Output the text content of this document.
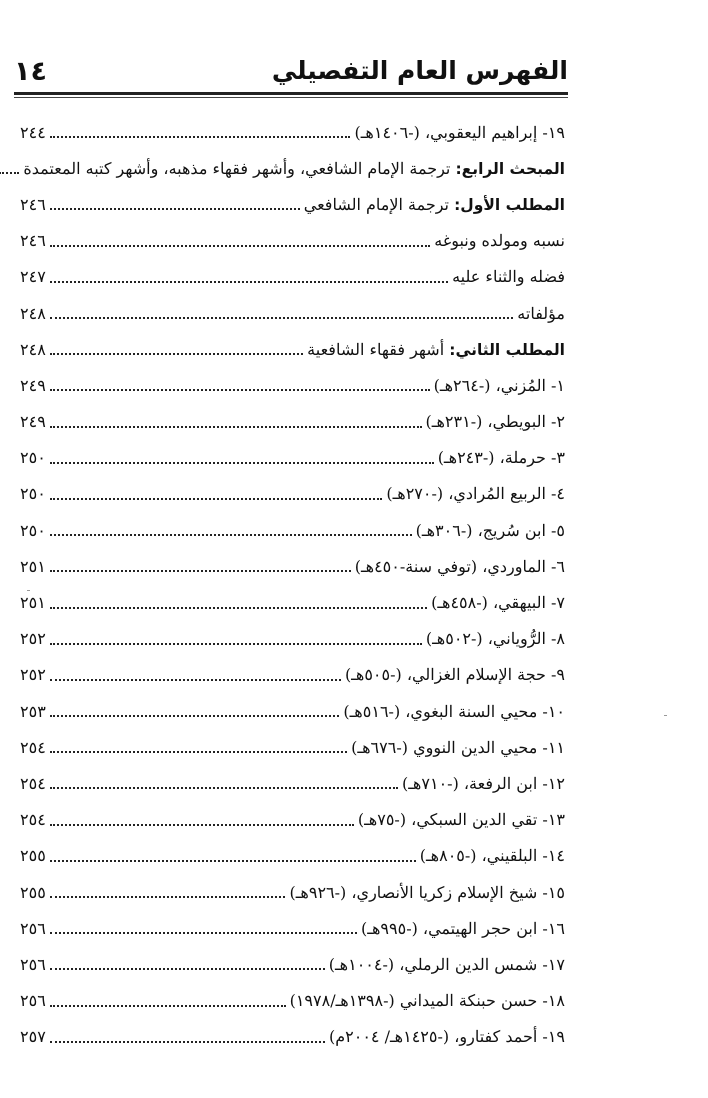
الفهرس العام التفصيلي
١٤
١٩- إبراهيم اليعقوبي، (-١٤٠٦هـ)
٢٤٤
المبحث الرابع: ترجمة الإمام الشافعي، وأشهر فقهاء مذهبه، وأشهر كتبه المعتمدة
المطلب الأول: ترجمة الإمام الشافعي
٢٤٦
نسبه ومولده ونبوغه
٢٤٦
فضله والثناء عليه
٢٤٧
مؤلفاته
٢٤٨
المطلب الثاني: أشهر فقهاء الشافعية
٢٤٨
١- المُزني، (-٢٦٤هـ)
٢٤٩
٢- البويطي، (-٢٣١هـ)
٢٤٩
٣- حرملة، (-٢٤٣هـ)
٢٥٠
٤- الربيع المُرادي، (-٢٧٠هـ)
٢٥٠
٥- ابن سُريج، (-٣٠٦هـ)
٢٥٠
٦- الماوردي، (توفي سنة-٤٥٠هـ)
٢٥١
٧- البيهقي، (-٤٥٨هـ)
٢٥١
٨- الرُّوياني، (-٥٠٢هـ)
٢٥٢
٩- حجة الإسلام الغزالي، (-٥٠٥هـ)
٢٥٢
١٠- محيي السنة البغوي، (-٥١٦هـ)
٢٥٣
١١- محيي الدين النووي (-٦٧٦هـ)
٢٥٤
١٢- ابن الرفعة، (-٧١٠هـ)
٢٥٤
١٣- تقي الدين السبكي، (-٧٥هـ)
٢٥٤
١٤- البلقيني، (-٨٠٥هـ)
٢٥٥
١٥- شيخ الإسلام زكريا الأنصاري، (-٩٢٦هـ)
٢٥٥
١٦- ابن حجر الهيتمي، (-٩٩٥هـ)
٢٥٦
١٧- شمس الدين الرملي، (-١٠٠٤هـ)
٢٥٦
١٨- حسن حبنكة الميداني (-١٣٩٨هـ/١٩٧٨)
٢٥٦
١٩- أحمد كفتارو، (-١٤٢٥هـ/ ٢٠٠٤م)
٢٥٧
